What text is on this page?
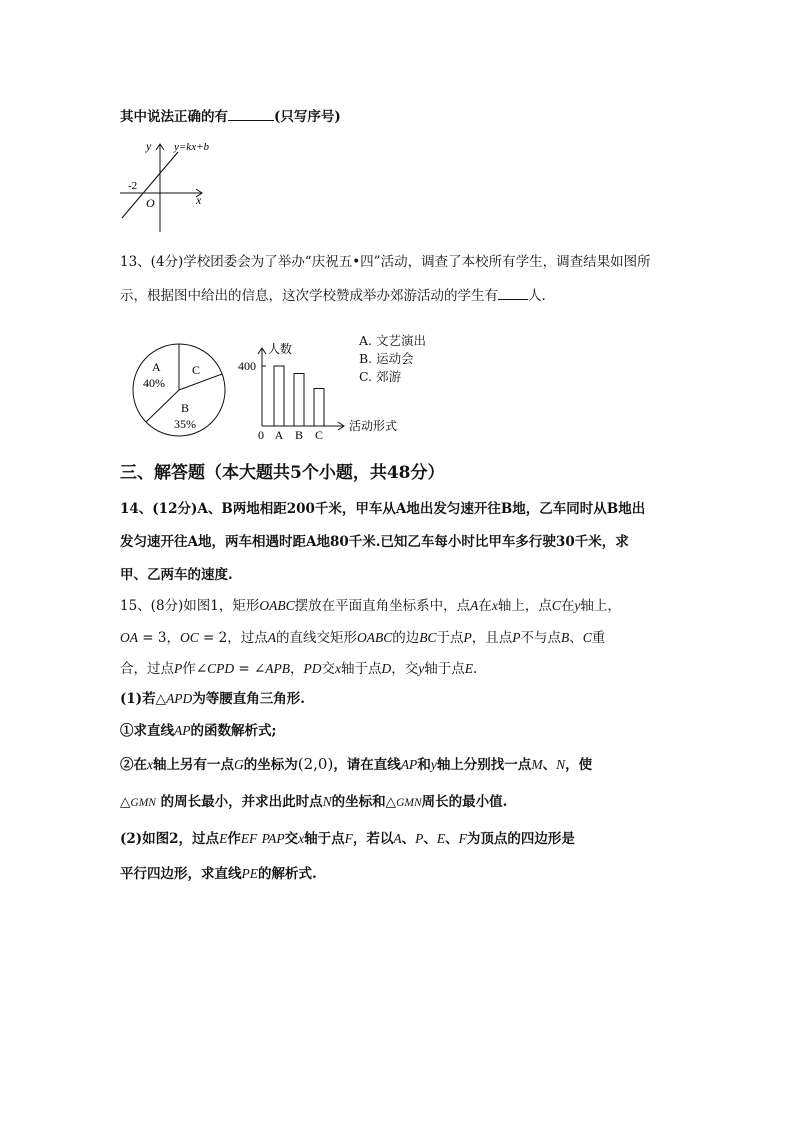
其中说法正确的有	(只写序号)
y y=kx+b
-2
O	x
13、(4分)学校团委会为了举办“庆祝五•四”活动，调查了本校所有学生，调查结果如图所
示，根据图中给出的信息，这次学校赞成举办郊游活动的学生有 人.
A
40%
C
B
35%
A B C
人数
400
0
活动形式
A. 文艺演出
B. 运动会
C. 郊游
三、解答题（本大题共5个小题，共48分）
14、(12分)A、B两地相距200千米，甲车从A地出发匀速开往B地，乙车同时从B地出
发匀速开往A地，两车相遇时距A地80千米.已知乙车每小时比甲车多行驶30千米，求
甲、乙两车的速度.
15、(8分)如图1，矩形OABC摆放在平面直角坐标系中，点A在x轴上，点C在y轴上，
OA = 3，OC = 2，过点A的直线交矩形OABC的边BC于点P，且点P不与点B、C重
合，过点P作∠CPD = ∠APB，PD交x轴于点D，交y轴于点E.
(1)若△APD为等腰直角三角形.
①求直线AP的函数解析式;
②在x轴上另有一点G的坐标为(2,0)，请在直线AP和y轴上分别找一点M、N，使
△GMN 的周长最小，并求出此时点N的坐标和△GMN周长的最小值.
(2)如图2，过点E作EF PAP交x轴于点F，若以A、P、E、F为顶点的四边形是
平行四边形，求直线PE的解析式.
